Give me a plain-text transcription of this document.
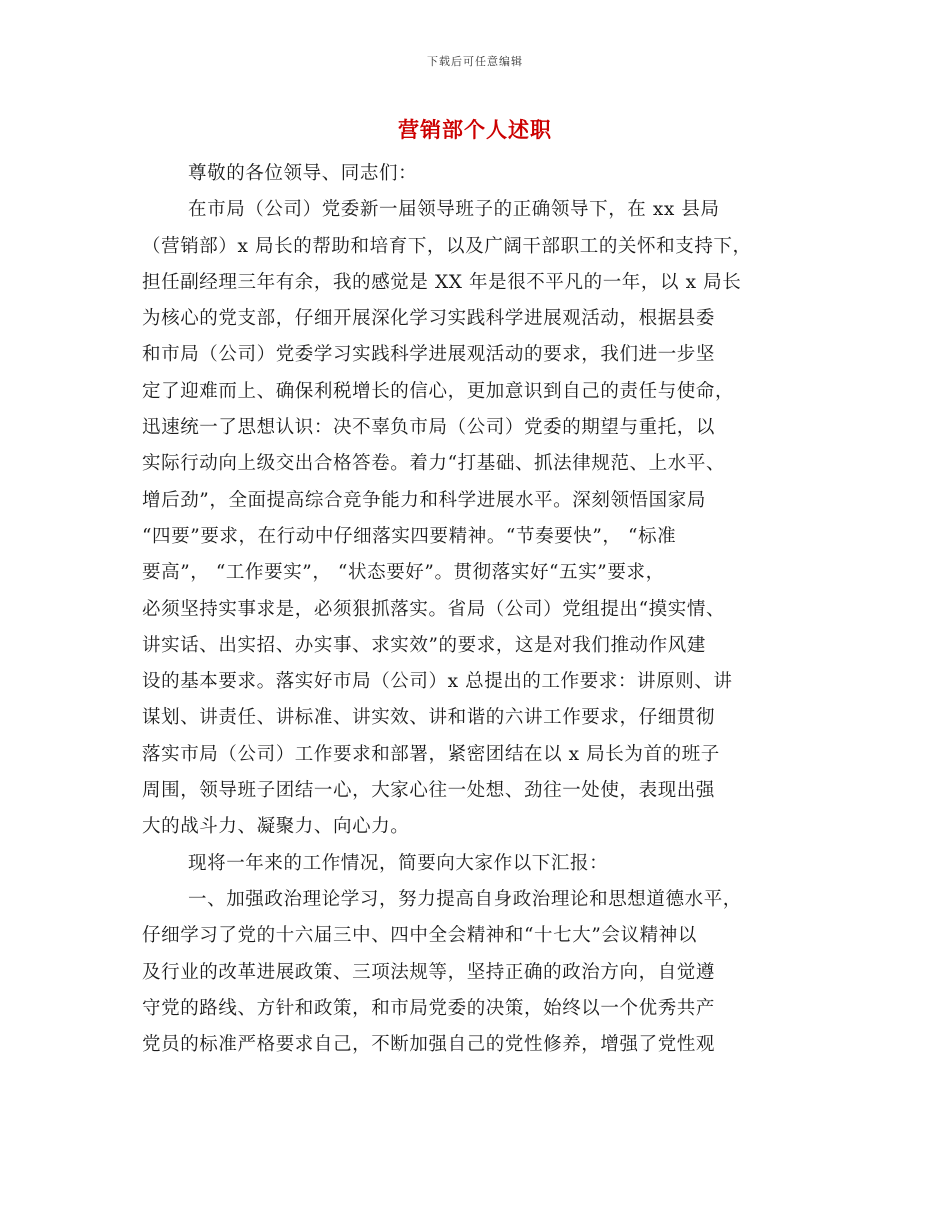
下载后可任意编辑
营销部个人述职
尊敬的各位领导、同志们：
在市局（公司）党委新一届领导班子的正确领导下，在 xx 县局
（营销部）x 局长的帮助和培育下，以及广阔干部职工的关怀和支持下，
担任副经理三年有余，我的感觉是 XX 年是很不平凡的一年，以 x 局长
为核心的党支部，仔细开展深化学习实践科学进展观活动，根据县委
和市局（公司）党委学习实践科学进展观活动的要求，我们进一步坚
定了迎难而上、确保利税增长的信心，更加意识到自己的责任与使命，
迅速统一了思想认识：决不辜负市局（公司）党委的期望与重托，以
实际行动向上级交出合格答卷。着力“打基础、抓法律规范、上水平、
增后劲”，全面提高综合竞争能力和科学进展水平。深刻领悟国家局
“四要”要求，在行动中仔细落实四要精神。“节奏要快”， “标准
要高”， “工作要实”， “状态要好”。贯彻落实好“五实”要求，
必须坚持实事求是，必须狠抓落实。省局（公司）党组提出“摸实情、
讲实话、出实招、办实事、求实效”的要求，这是对我们推动作风建
设的基本要求。落实好市局（公司）x 总提出的工作要求：讲原则、讲
谋划、讲责任、讲标准、讲实效、讲和谐的六讲工作要求，仔细贯彻
落实市局（公司）工作要求和部署，紧密团结在以 x 局长为首的班子
周围，领导班子团结一心，大家心往一处想、劲往一处使，表现出强
大的战斗力、凝聚力、向心力。
现将一年来的工作情况，简要向大家作以下汇报：
一、加强政治理论学习，努力提高自身政治理论和思想道德水平，
仔细学习了党的十六届三中、四中全会精神和“十七大”会议精神以
及行业的改革进展政策、三项法规等，坚持正确的政治方向，自觉遵
守党的路线、方针和政策，和市局党委的决策，始终以一个优秀共产
党员的标准严格要求自己，不断加强自己的党性修养，增强了党性观
